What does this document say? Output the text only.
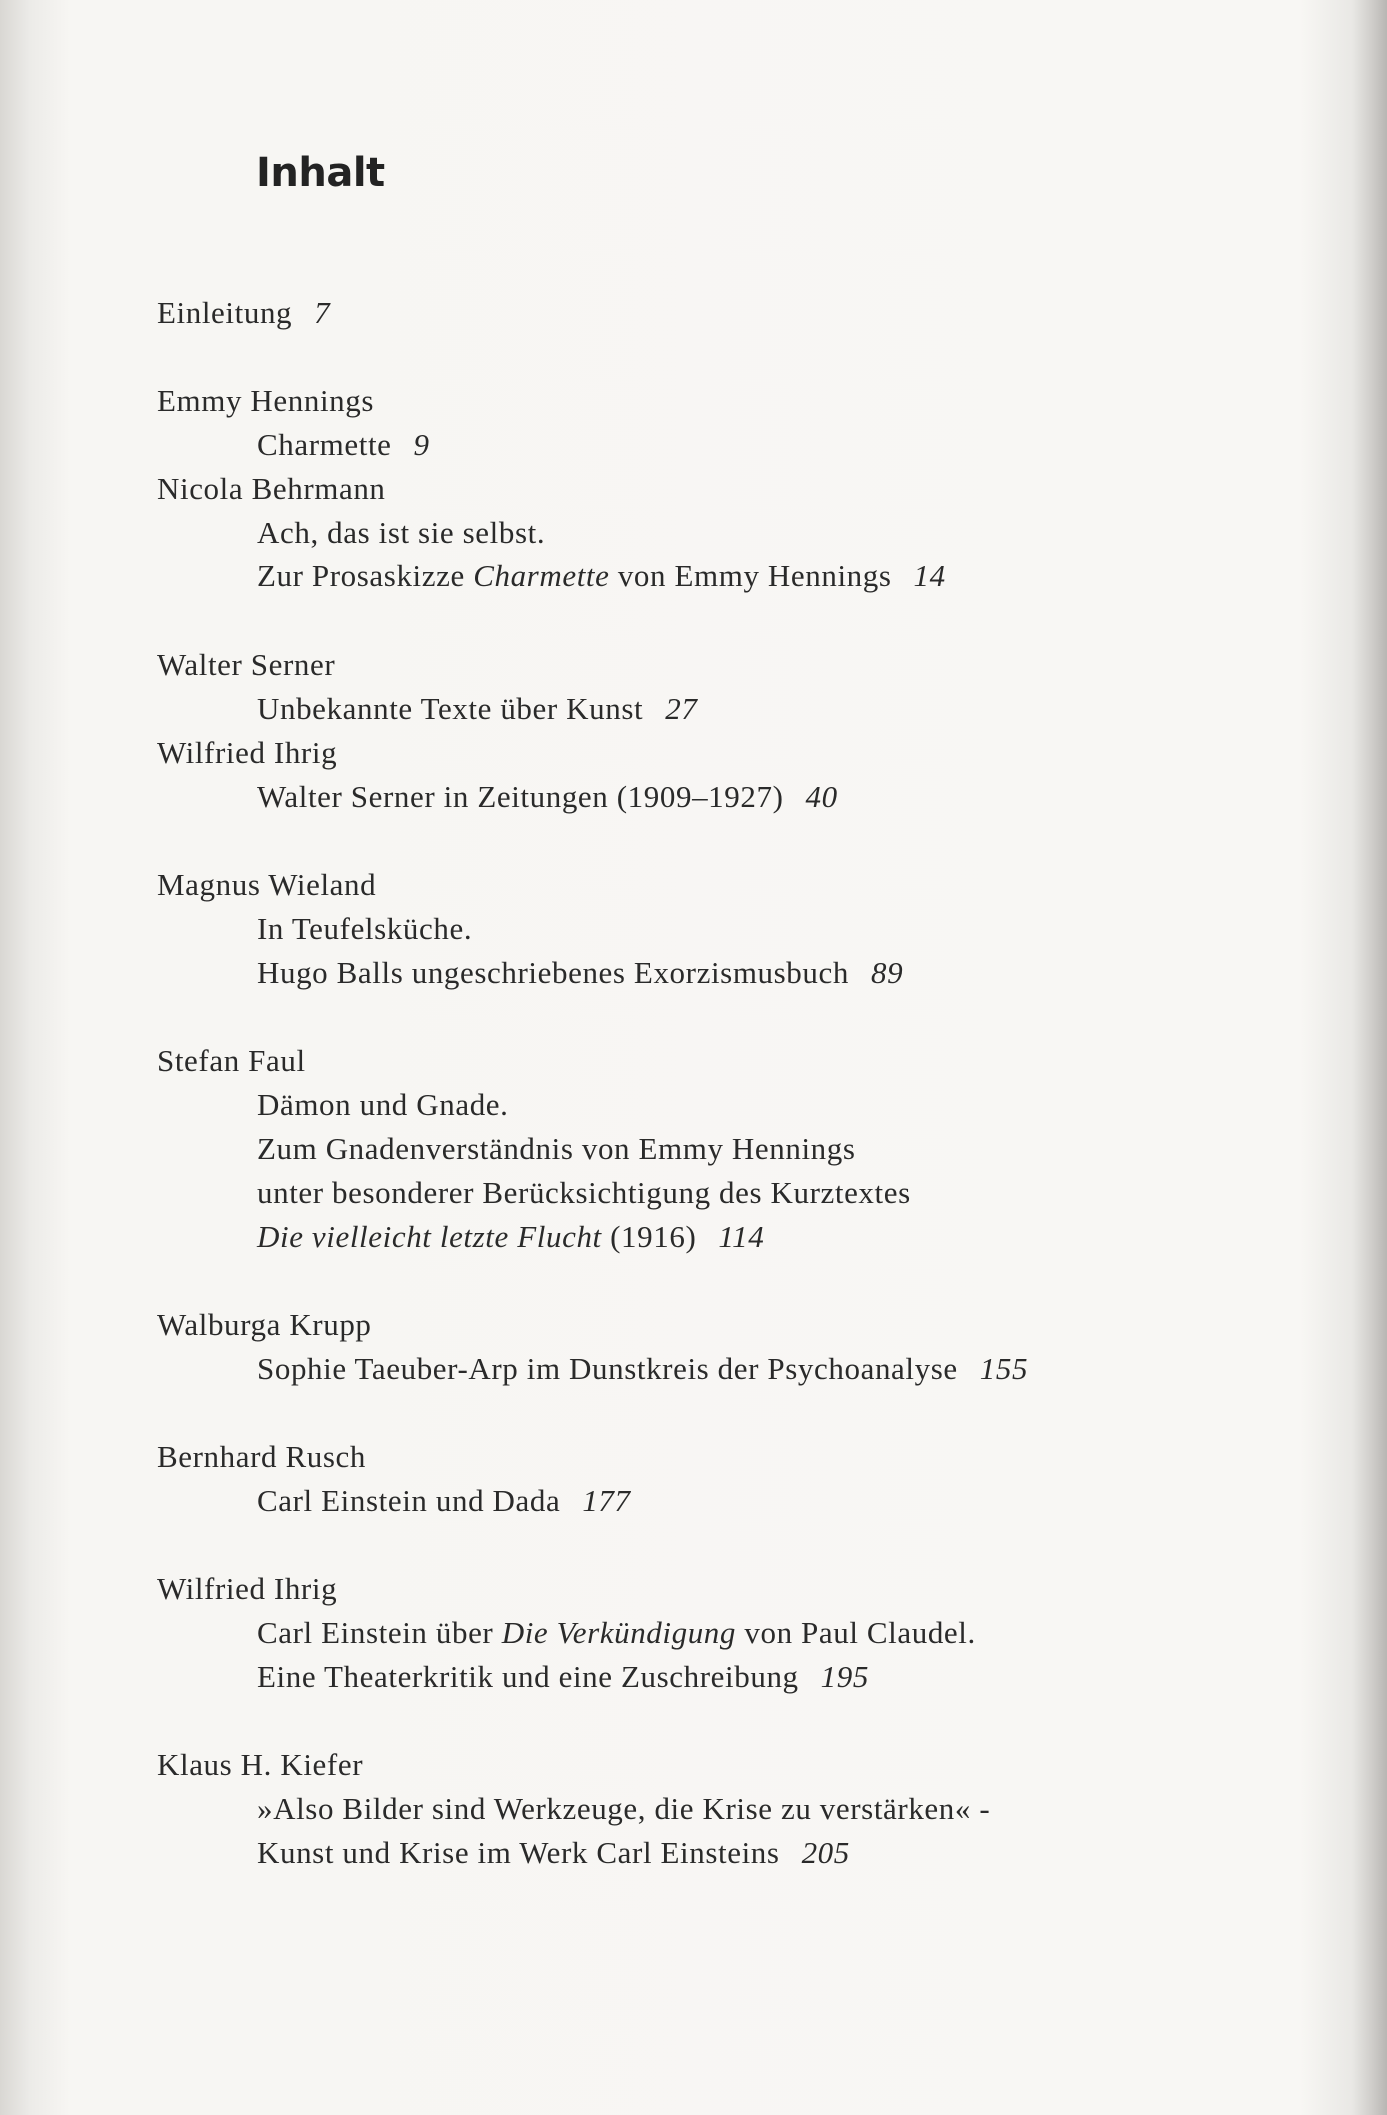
Inhalt
Einleitung 7
Emmy Hennings
Charmette 9
Nicola Behrmann
Ach, das ist sie selbst.
Zur Prosaskizze Charmette von Emmy Hennings 14
Walter Serner
Unbekannte Texte über Kunst 27
Wilfried Ihrig
Walter Serner in Zeitungen (1909–1927) 40
Magnus Wieland
In Teufelsküche.
Hugo Balls ungeschriebenes Exorzismusbuch 89
Stefan Faul
Dämon und Gnade.
Zum Gnadenverständnis von Emmy Hennings
unter besonderer Berücksichtigung des Kurztextes
Die vielleicht letzte Flucht (1916) 114
Walburga Krupp
Sophie Taeuber-Arp im Dunstkreis der Psychoanalyse 155
Bernhard Rusch
Carl Einstein und Dada 177
Wilfried Ihrig
Carl Einstein über Die Verkündigung von Paul Claudel.
Eine Theaterkritik und eine Zuschreibung 195
Klaus H. Kiefer
»Also Bilder sind Werkzeuge, die Krise zu verstärken« -
Kunst und Krise im Werk Carl Einsteins 205
